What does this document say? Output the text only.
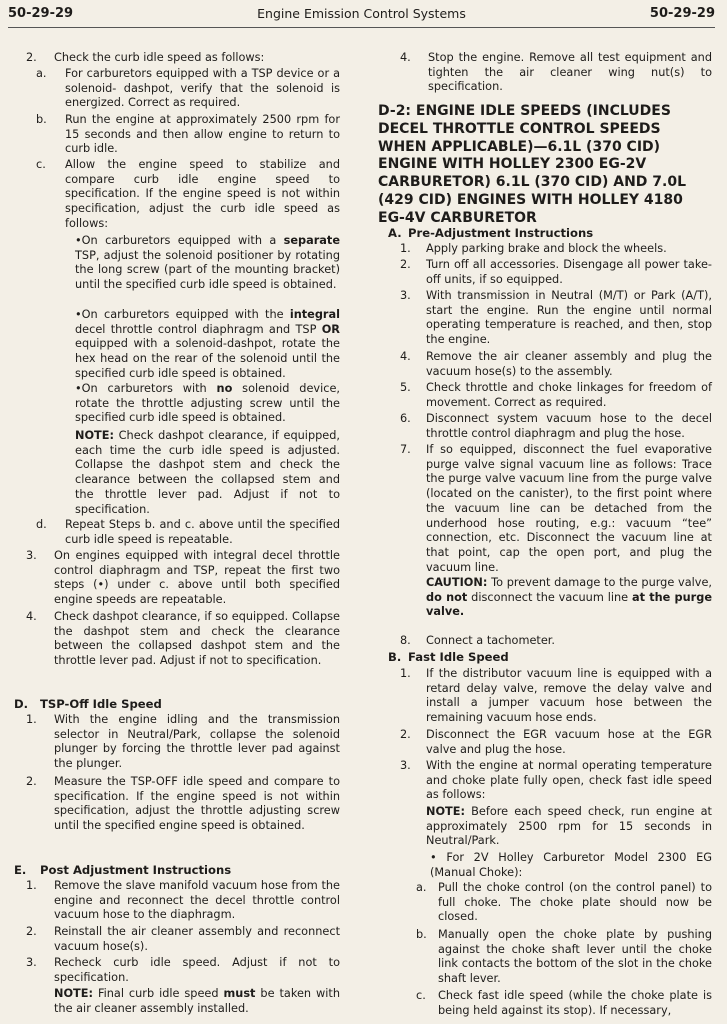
50-29-29	Engine Emission Control Systems	50-29-29
2. Check the curb idle speed as follows:
a. For carburetors equipped with a TSP device or a solenoid- dashpot, verify that the solenoid is energized. Correct as required.
b. Run the engine at approximately 2500 rpm for 15 seconds and then allow engine to return to curb idle.
c. Allow the engine speed to stabilize and compare curb idle engine speed to specification. If the engine speed is not within specification, adjust the curb idle speed as follows:
•On carburetors equipped with a separate TSP, adjust the solenoid positioner by rotating the long screw (part of the mounting bracket) until the specified curb idle speed is obtained.
•On carburetors equipped with the integral decel throttle control diaphragm and TSP OR equipped with a solenoid-dashpot, rotate the hex head on the rear of the solenoid until the specified curb idle speed is obtained.
•On carburetors with no solenoid device, rotate the throttle adjusting screw until the specified curb idle speed is obtained.
NOTE: Check dashpot clearance, if equipped, each time the curb idle speed is adjusted. Collapse the dashpot stem and check the clearance between the collapsed stem and the throttle lever pad. Adjust if not to specification.
d. Repeat Steps b. and c. above until the specified curb idle speed is repeatable.
3. On engines equipped with integral decel throttle control diaphragm and TSP, repeat the first two steps (•) under c. above until both specified engine speeds are repeatable.
4. Check dashpot clearance, if so equipped. Collapse the dashpot stem and check the clearance between the collapsed dashpot stem and the throttle lever pad. Adjust if not to specification.
D. TSP-Off Idle Speed
1. With the engine idling and the transmission selector in Neutral/Park, collapse the solenoid plunger by forcing the throttle lever pad against the plunger.
2. Measure the TSP-OFF idle speed and compare to specification. If the engine speed is not within specification, adjust the throttle adjusting screw until the specified engine speed is obtained.
E. Post Adjustment Instructions
1. Remove the slave manifold vacuum hose from the engine and reconnect the decel throttle control vacuum hose to the diaphragm.
2. Reinstall the air cleaner assembly and reconnect vacuum hose(s).
3. Recheck curb idle speed. Adjust if not to specification.
NOTE: Final curb idle speed must be taken with the air cleaner assembly installed.
D-2: ENGINE IDLE SPEEDS (INCLUDES DECEL THROTTLE CONTROL SPEEDS WHEN APPLICABLE)—6.1L (370 CID) ENGINE WITH HOLLEY 2300 EG-2V CARBURETOR) 6.1L (370 CID) AND 7.0L (429 CID) ENGINES WITH HOLLEY 4180 EG-4V CARBURETOR
4. Stop the engine. Remove all test equipment and tighten the air cleaner wing nut(s) to specification.
A. Pre-Adjustment Instructions
1. Apply parking brake and block the wheels.
2. Turn off all accessories. Disengage all power take-off units, if so equipped.
3. With transmission in Neutral (M/T) or Park (A/T), start the engine. Run the engine until normal operating temperature is reached, and then, stop the engine.
4. Remove the air cleaner assembly and plug the vacuum hose(s) to the assembly.
5. Check throttle and choke linkages for freedom of movement. Correct as required.
6. Disconnect system vacuum hose to the decel throttle control diaphragm and plug the hose.
7. If so equipped, disconnect the fuel evaporative purge valve signal vacuum line as follows: Trace the purge valve vacuum line from the purge valve (located on the canister), to the first point where the vacuum line can be detached from the underhood hose routing, e.g.: vacuum “tee” connection, etc. Disconnect the vacuum line at that point, cap the open port, and plug the vacuum line.
CAUTION: To prevent damage to the purge valve, do not disconnect the vacuum line at the purge valve.
8. Connect a tachometer.
B. Fast Idle Speed
1. If the distributor vacuum line is equipped with a retard delay valve, remove the delay valve and install a jumper vacuum hose between the remaining vacuum hose ends.
2. Disconnect the EGR vacuum hose at the EGR valve and plug the hose.
3. With the engine at normal operating temperature and choke plate fully open, check fast idle speed as follows:
NOTE: Before each speed check, run engine at approximately 2500 rpm for 15 seconds in Neutral/Park.
• For 2V Holley Carburetor Model 2300 EG (Manual Choke):
a. Pull the choke control (on the control panel) to full choke. The choke plate should now be closed.
b. Manually open the choke plate by pushing against the choke shaft lever until the choke link contacts the bottom of the slot in the choke shaft lever.
c. Check fast idle speed (while the choke plate is being held against its stop). If necessary,
